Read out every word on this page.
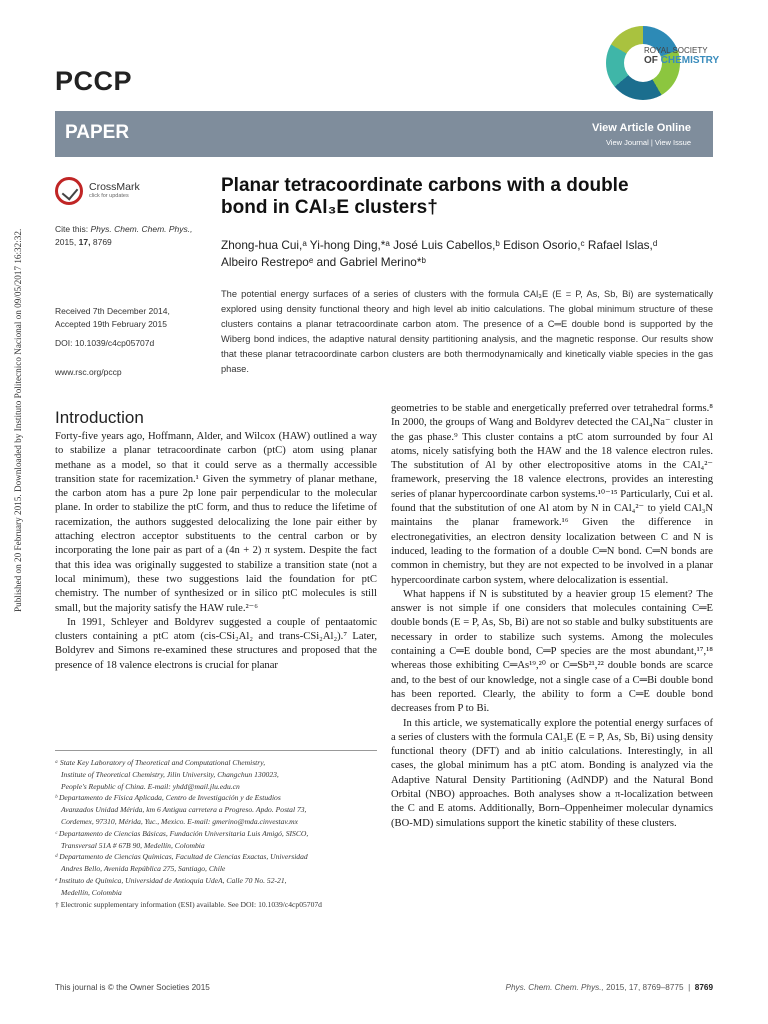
Published on 20 February 2015. Downloaded by Instituto Politecnico Nacional on 09/05/2017 16:32:32.
PCCP
ROYAL SOCIETY
OF CHEMISTRY
PAPER	View Article Online
View Journal | View Issue
CrossMark
click for updates
Cite this: Phys. Chem. Chem. Phys.,
2015, 17, 8769
Received 7th December 2014,
Accepted 19th February 2015
DOI: 10.1039/c4cp05707d
www.rsc.org/pccp
Planar tetracoordinate carbons with a double
bond in CAl₃E clusters†
Zhong-hua Cui,ᵃ Yi-hong Ding,*ᵃ José Luis Cabellos,ᵇ Edison Osorio,ᶜ Rafael Islas,ᵈ
Albeiro Restrepoᵉ and Gabriel Merino*ᵇ
The potential energy surfaces of a series of clusters with the formula CAl₃E (E = P, As, Sb, Bi) are systematically explored using density functional theory and high level ab initio calculations. The global minimum structure of these clusters contains a planar tetracoordinate carbon atom. The presence of a C═E double bond is supported by the Wiberg bond indices, the adaptive natural density partitioning analysis, and the magnetic response. Our results show that these planar tetracoordinate carbon clusters are both thermodynamically and kinetically viable species in the gas phase.
Introduction

Forty-five years ago, Hoffmann, Alder, and Wilcox (HAW) outlined a way to stabilize a planar tetracoordinate carbon (ptC) atom using planar methane as a model, so that it could serve as a thermally accessible transition state for racemization.¹ Given the symmetry of planar methane, the carbon atom has a pure 2p lone pair perpendicular to the molecular plane. In order to stabilize the ptC form, and thus to reduce the lifetime of racemization, the authors suggested delocalizing the lone pair either by attaching electron acceptor substituents to the central carbon or by incorporating the lone pair as part of a (4n + 2) π system. Despite the fact that this idea was originally suggested to stabilize a transition state (not a local minimum), these two suggestions laid the foundation for ptC chemistry. The number of synthesized or in silico ptC molecules is still small, but the majority satisfy the HAW rule.²⁻⁶

In 1991, Schleyer and Boldyrev suggested a couple of pentaatomic clusters containing a ptC atom (cis-CSi₂Al₂ and trans-CSi₂Al₂).⁷ Later, Boldyrev and Simons re-examined these structures and proposed that the presence of 18 valence electrons is crucial for planar

ᵃ State Key Laboratory of Theoretical and Computational Chemistry,
Institute of Theoretical Chemistry, Jilin University, Changchun 130023,
People's Republic of China. E-mail: yhdd@mail.jlu.edu.cn
ᵇ Departamento de Física Aplicada, Centro de Investigación y de Estudios
Avanzados Unidad Mérida, km 6 Antigua carretera a Progreso. Apdo. Postal 73,
Cordemex, 97310, Mérida, Yuc., Mexico. E-mail: gmerino@mda.cinvestav.mx
ᶜ Departamento de Ciencias Básicas, Fundación Universitaria Luis Amigó, SISCO,
Transversal 51A # 67B 90, Medellín, Colombia
ᵈ Departamento de Ciencias Químicas, Facultad de Ciencias Exactas, Universidad
Andres Bello, Avenida República 275, Santiago, Chile
ᵉ Instituto de Química, Universidad de Antioquia UdeA, Calle 70 No. 52-21,
Medellín, Colombia
† Electronic supplementary information (ESI) available. See DOI: 10.1039/c4cp05707d

geometries to be stable and energetically preferred over tetrahedral forms.⁸ In 2000, the groups of Wang and Boldyrev detected the CAl₄Na⁻ cluster in the gas phase.⁹ This cluster contains a ptC atom surrounded by four Al atoms, nicely satisfying both the HAW and the 18 valence electron rules. The substitution of Al by other electropositive atoms in the CAl₄²⁻ framework, preserving the 18 valence electrons, provides an interesting series of planar hypercoordinate carbon systems.¹⁰⁻¹⁵ Particularly, Cui et al. found that the substitution of one Al atom by N in CAl₄²⁻ to yield CAl₃N maintains the planar framework.¹⁶ Given the difference in electronegativities, an electron density localization between C and N is induced, leading to the formation of a double C═N bond. C═N bonds are common in chemistry, but they are not expected to be involved in a planar hypercoordinate carbon system, where delocalization is essential.

What happens if N is substituted by a heavier group 15 element? The answer is not simple if one considers that molecules containing C═E double bonds (E = P, As, Sb, Bi) are not so stable and bulky substituents are necessary in order to stabilize such systems. Among the molecules containing a C═E double bond, C═P species are the most abundant,¹⁷,¹⁸ whereas those exhibiting C═As¹⁹,²⁰ or C═Sb²¹,²² double bonds are scarce and, to the best of our knowledge, not a single case of a C═Bi double bond has been reported. Clearly, the ability to form a C═E double bond decreases from P to Bi.

In this article, we systematically explore the potential energy surfaces of a series of clusters with the formula CAl₃E (E = P, As, Sb, Bi) using density functional theory (DFT) and ab initio calculations. Interestingly, in all cases, the global minimum has a ptC atom. Bonding is analyzed via the Adaptive Natural Density Partitioning (AdNDP) and the Natural Bond Orbital (NBO) approaches. Both analyses show a π-localization between the C and E atoms. Additionally, Born–Oppenheimer molecular dynamics (BO-MD) simulations support the kinetic stability of these clusters.

This journal is © the Owner Societies 2015	Phys. Chem. Chem. Phys., 2015, 17, 8769–8775 | 8769
